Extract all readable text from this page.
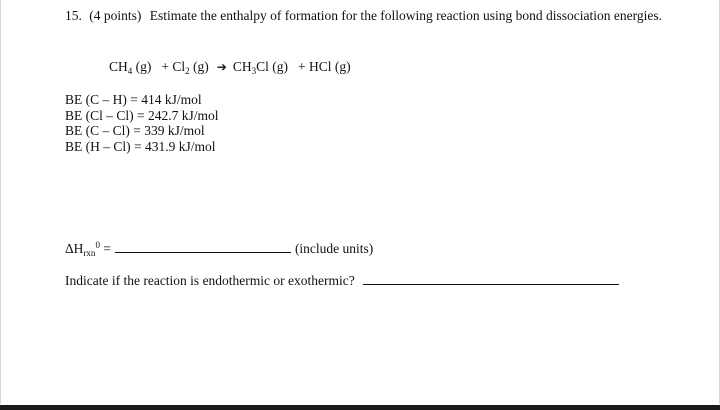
15. (4 points) Estimate the enthalpy of formation for the following reaction using bond dissociation energies.
$CH_4$ $(g) + Cl_2$ (g) ➔ $CH_3Cl$ (g) + HCl (g)
BE (C – H) = 414 kJ/mol
BE (Cl – Cl) = 242.7 kJ/mol
BE (C – Cl) = 339 kJ/mol
BE (H – Cl) = 431.9 kJ/mol
$\Delta H_{rxn}^0$ =	(include units)
Indicate if the reaction is endothermic or exothermic?
